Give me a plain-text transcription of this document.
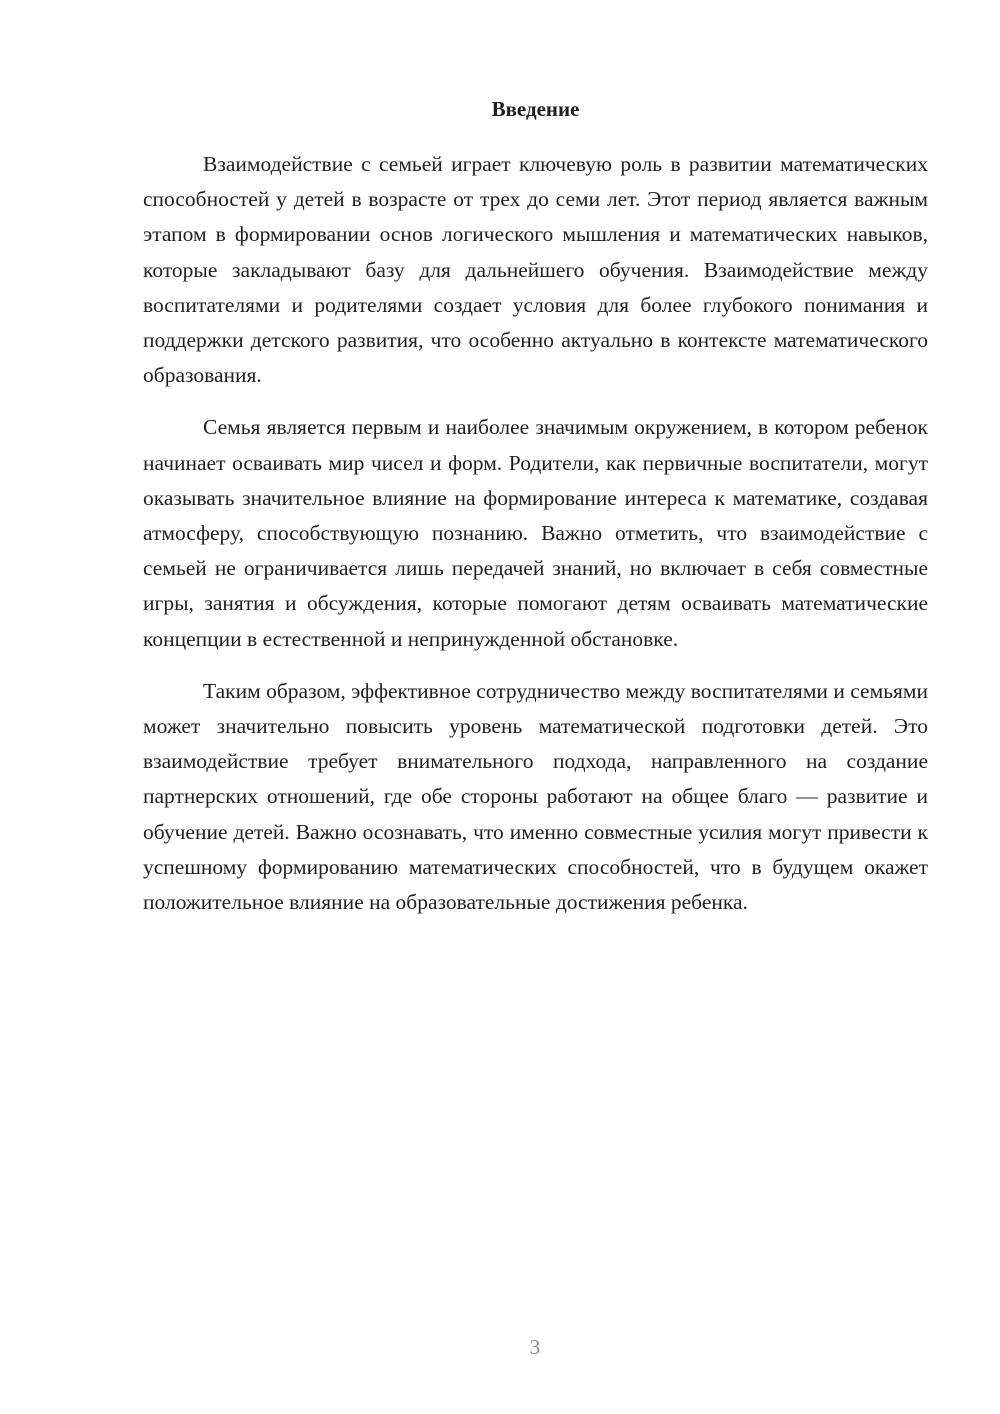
Введение

Взаимодействие с семьей играет ключевую роль в развитии математических способностей у детей в возрасте от трех до семи лет. Этот период является важным этапом в формировании основ логического мышления и математических навыков, которые закладывают базу для дальнейшего обучения. Взаимодействие между воспитателями и родителями создает условия для более глубокого понимания и поддержки детского развития, что особенно актуально в контексте математического образования.

Семья является первым и наиболее значимым окружением, в котором ребенок начинает осваивать мир чисел и форм. Родители, как первичные воспитатели, могут оказывать значительное влияние на формирование интереса к математике, создавая атмосферу, способствующую познанию. Важно отметить, что взаимодействие с семьей не ограничивается лишь передачей знаний, но включает в себя совместные игры, занятия и обсуждения, которые помогают детям осваивать математические концепции в естественной и непринужденной обстановке.

Таким образом, эффективное сотрудничество между воспитателями и семьями может значительно повысить уровень математической подготовки детей. Это взаимодействие требует внимательного подхода, направленного на создание партнерских отношений, где обе стороны работают на общее благо — развитие и обучение детей. Важно осознавать, что именно совместные усилия могут привести к успешному формированию математических способностей, что в будущем окажет положительное влияние на образовательные достижения ребенка.

3
